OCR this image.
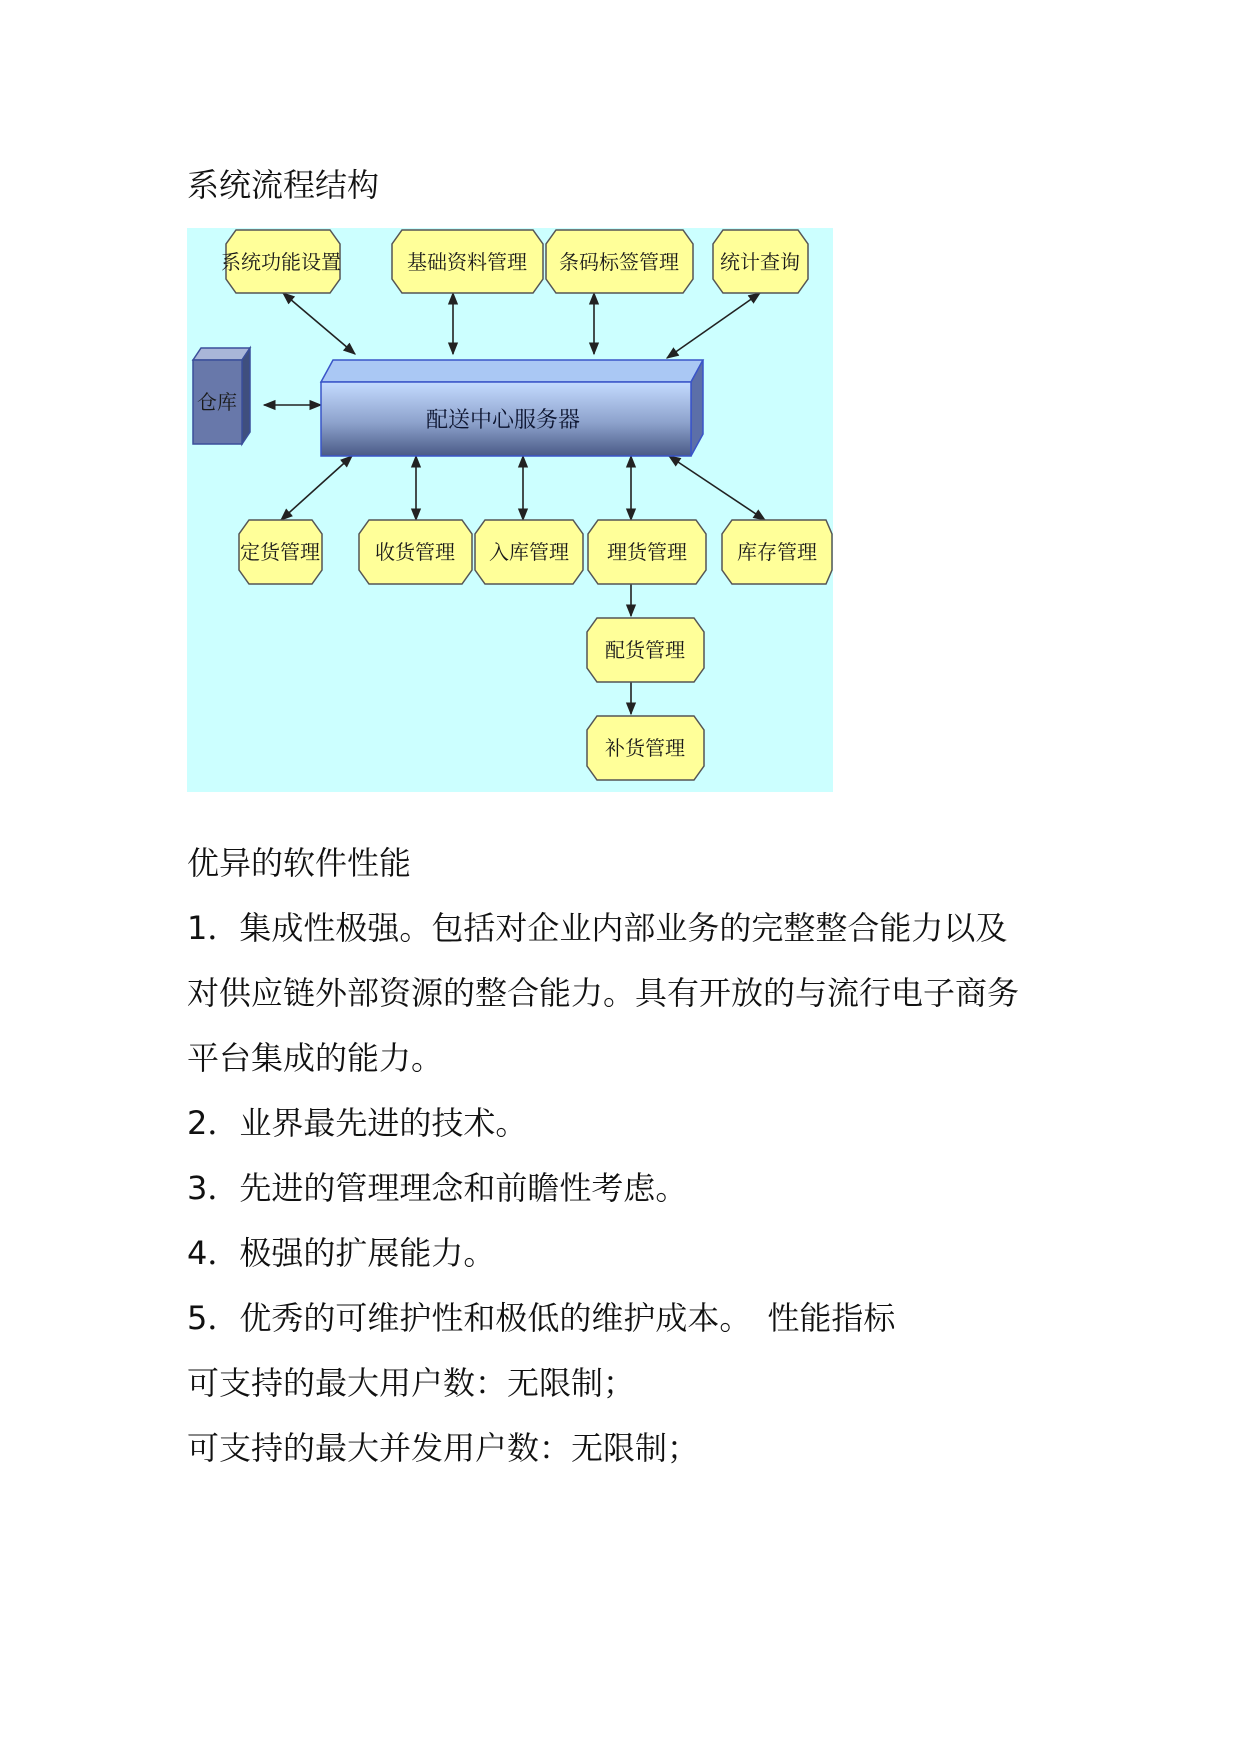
系统流程结构
仓库
配送中心服务器
系统功能设置	基础资料管理 条码标签管理 统计查询
定货管理	收货管理 入库管理 理货管理	库存管理
配货管理
补货管理
优异的软件性能
1．集成性极强。包括对企业内部业务的完整整合能力以及
对供应链外部资源的整合能力。具有开放的与流行电子商务
平台集成的能力。
2．业界最先进的技术。
3．先进的管理理念和前瞻性考虑。
4．极强的扩展能力。
5．优秀的可维护性和极低的维护成本。　性能指标
可支持的最大用户数：无限制；
可支持的最大并发用户数：无限制；
